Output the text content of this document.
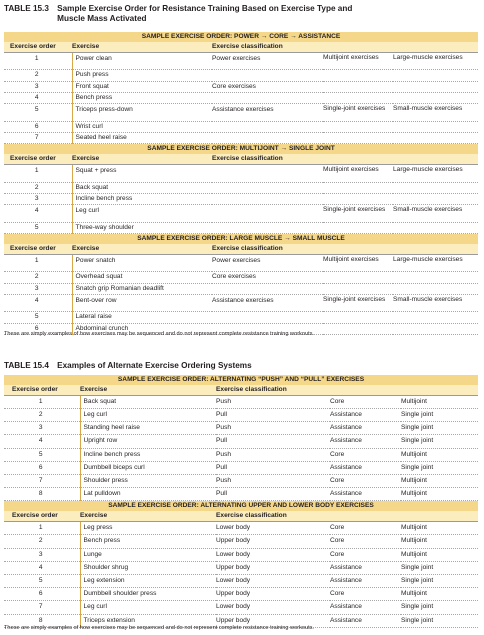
TABLE 15.3 Sample Exercise Order for Resistance Training Based on Exercise Type and Muscle Mass Activated
SAMPLE EXERCISE ORDER: POWER → CORE → ASSISTANCE				
Exercise order	Exercise	Exercise classification		
1	Power clean	Power exercises	Multijoint exercises	Large-muscle exercises
2	Push press			
3	Front squat	Core exercises		
4	Bench press			
5	Triceps press-down	Assistance exercises	Single-joint exercises	Small-muscle exercises
6	Wrist curl			
7	Seated heel raise			
SAMPLE EXERCISE ORDER: MULTIJOINT → SINGLE JOINT				
Exercise order	Exercise	Exercise classification		
1	Squat + press		Multijoint exercises	Large-muscle exercises
2	Back squat			
3	Incline bench press			
4	Leg curl		Single-joint exercises	Small-muscle exercises
5	Three-way shoulder			
SAMPLE EXERCISE ORDER: LARGE MUSCLE → SMALL MUSCLE				
Exercise order	Exercise	Exercise classification		
1	Power snatch	Power exercises	Multijoint exercises	Large-muscle exercises
2	Overhead squat	Core exercises		
3	Snatch grip Romanian deadlift			
4	Bent-over row	Assistance exercises	Single-joint exercises	Small-muscle exercises
5	Lateral raise			
6	Abdominal crunch			
These are simply examples of how exercises may be sequenced and do not represent complete resistance training workouts.
TABLE 15.4 Examples of Alternate Exercise Ordering Systems
SAMPLE EXERCISE ORDER: ALTERNATING “PUSH” AND “PULL” EXERCISES				
Exercise order	Exercise	Exercise classification		
1	Back squat	Push	Core	Multijoint
2	Leg curl	Pull	Assistance	Single joint
3	Standing heel raise	Push	Assistance	Single joint
4	Upright row	Pull	Assistance	Single joint
5	Incline bench press	Push	Core	Multijoint
6	Dumbbell biceps curl	Pull	Assistance	Single joint
7	Shoulder press	Push	Core	Multijoint
8	Lat pulldown	Pull	Assistance	Multijoint
SAMPLE EXERCISE ORDER: ALTERNATING UPPER AND LOWER BODY EXERCISES				
Exercise order	Exercise	Exercise classification		
1	Leg press	Lower body	Core	Multijoint
2	Bench press	Upper body	Core	Multijoint
3	Lunge	Lower body	Core	Multijoint
4	Shoulder shrug	Upper body	Assistance	Single joint
5	Leg extension	Lower body	Assistance	Single joint
6	Dumbbell shoulder press	Upper body	Core	Multijoint
7	Leg curl	Lower body	Assistance	Single joint
8	Triceps extension	Upper body	Assistance	Single joint
These are simply examples of how exercises may be sequenced and do not represent complete resistance training workouts.
